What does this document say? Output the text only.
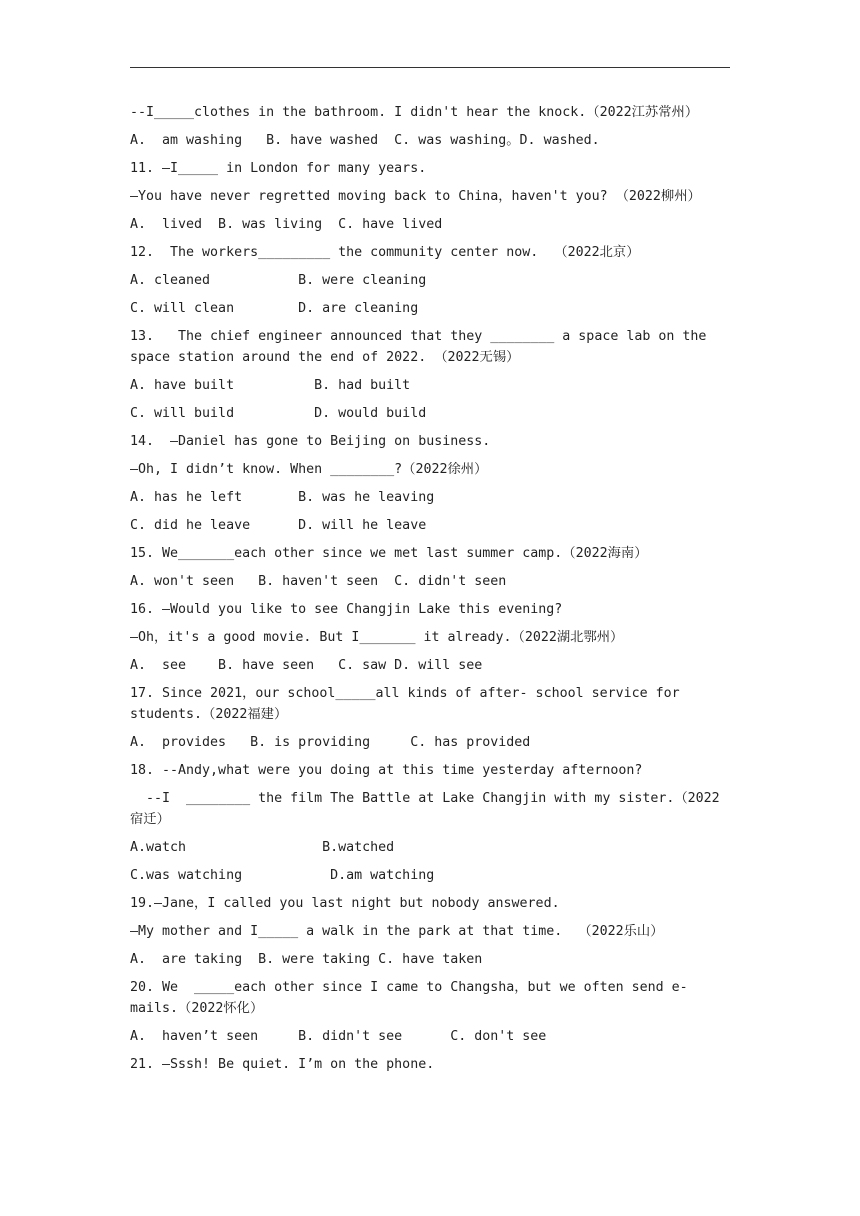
--I_____clothes in the bathroom. I didn't hear the knock.（2022江苏常州）
A.  am washing   B. have washed  C. was washing。D. washed.
11. —I_____ in London for many years.
—You have never regretted moving back to China，haven't you? （2022柳州）
A.  lived  B. was living  C. have lived
12.  The workers_________ the community center now.  （2022北京）
A. cleaned           B. were cleaning
C. will clean        D. are cleaning
13.   The chief engineer announced that they ________ a space lab on the space station around the end of 2022. （2022无锡）
A. have built          B. had built
C. will build          D. would build
14.  —Daniel has gone to Beijing on business.
—Oh, I didn’t know. When ________?（2022徐州）
A. has he left       B. was he leaving
C. did he leave      D. will he leave
15. We_______each other since we met last summer camp.（2022海南）
A. won't seen   B. haven't seen  C. didn't seen
16. —Would you like to see Changjin Lake this evening?
—Oh，it's a good movie. But I_______ it already.（2022湖北鄂州）
A.  see    B. have seen   C. saw D. will see
17. Since 2021，our school_____all kinds of after- school service for students.（2022福建）
A.  provides   B. is providing     C. has provided
18. --Andy,what were you doing at this time yesterday afternoon?
--I  ________ the film The Battle at Lake Changjin with my sister.（2022宿迁）
A.watch                 B.watched
C.was watching           D.am watching
19.—Jane，I called you last night but nobody answered.
—My mother and I_____ a walk in the park at that time.  （2022乐山）
A.  are taking  B. were taking C. have taken
20. We  _____each other since I came to Changsha，but we often send e-mails.（2022怀化）
A.  haven’t seen     B. didn't see      C. don't see
21. —Sssh! Be quiet. I’m on the phone.
